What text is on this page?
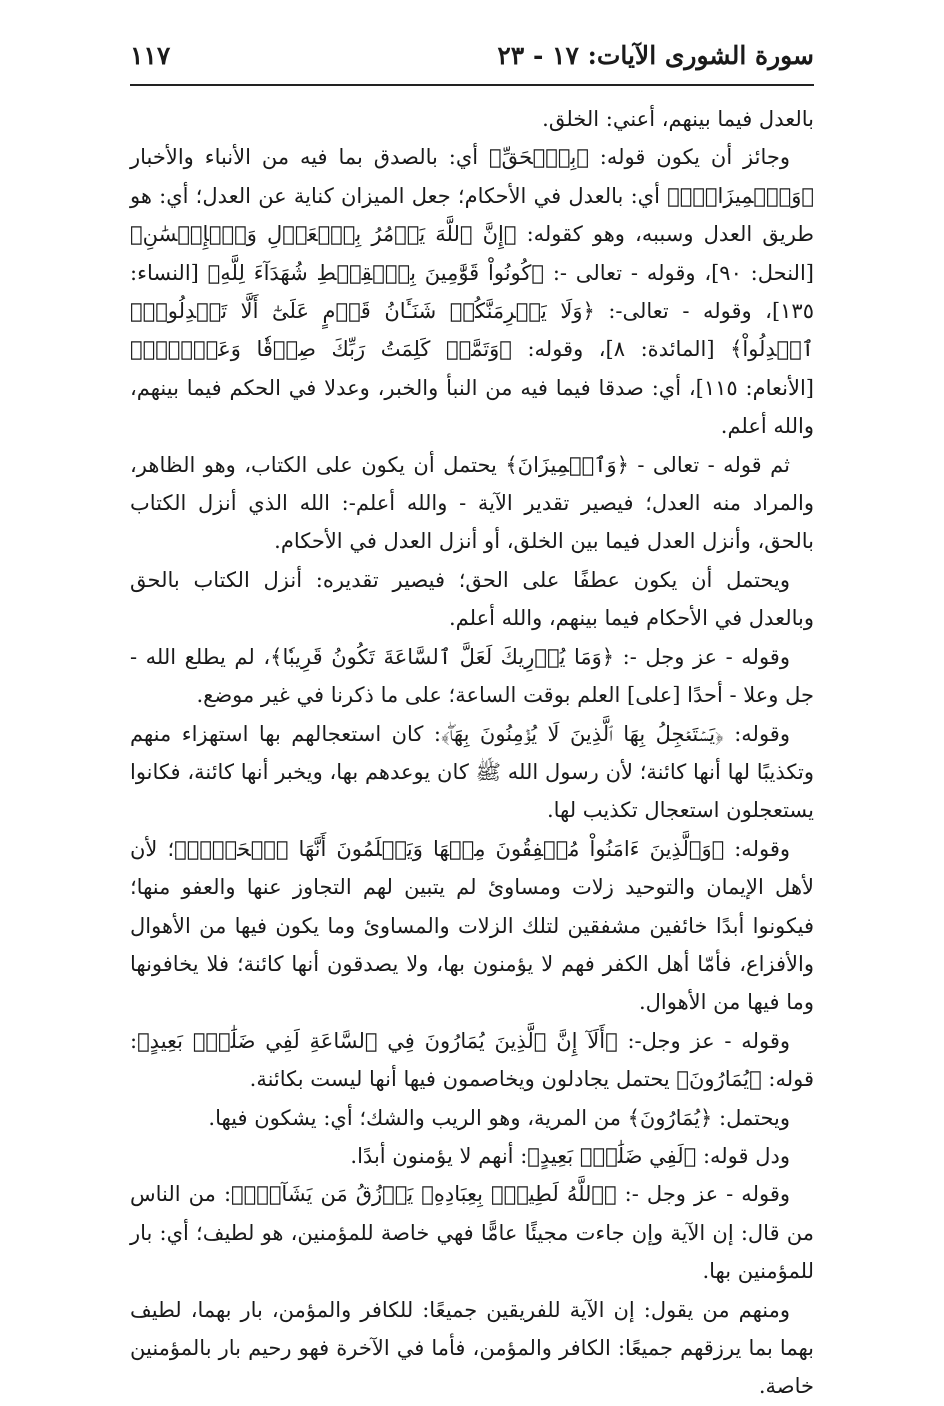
سورة الشورى الآيات: ١٧ - ٢٣
١١٧

بالعدل فيما بينهم، أعني: الخلق.

وجائز أن يكون قوله: ﴿بِٱلۡحَقِّ﴾ أي: بالصدق بما فيه من الأنباء والأخبار ﴿وَٱلۡمِيزَانَۗ﴾ أي: بالعدل في الأحكام؛ جعل الميزان كناية عن العدل؛ أي: هو طريق العدل وسببه، وهو كقوله: ﴿إِنَّ ٱللَّهَ يَأۡمُرُ بِٱلۡعَدۡلِ وَٱلۡإِحۡسَٰنِ﴾ [النحل: ٩٠]، وقوله - تعالى -: ﴿كُونُواْ قَوَّٰمِينَ بِٱلۡقِسۡطِ شُهَدَآءَ لِلَّهِ﴾ [النساء: ١٣٥]، وقوله - تعالى-: ﴿وَلَا يَجۡرِمَنَّكُمۡ شَنَـَٔانُ قَوۡمٍ عَلَىٰٓ أَلَّا تَعۡدِلُواْۚ ٱعۡدِلُواْ﴾ [المائدة: ٨]، وقوله: ﴿وَتَمَّتۡ كَلِمَتُ رَبِّكَ صِدۡقٗا وَعَدۡلٗاۚ﴾ [الأنعام: ١١٥]، أي: صدقا فيما فيه من النبأ والخبر، وعدلا في الحكم فيما بينهم، والله أعلم.

ثم قوله - تعالى - ﴿وَٱلۡمِيزَانَ﴾ يحتمل أن يكون على الكتاب، وهو الظاهر، والمراد منه العدل؛ فيصير تقدير الآية - والله أعلم-: الله الذي أنزل الكتاب بالحق، وأنزل العدل فيما بين الخلق، أو أنزل العدل في الأحكام.

ويحتمل أن يكون عطفًا على الحق؛ فيصير تقديره: أنزل الكتاب بالحق وبالعدل في الأحكام فيما بينهم، والله أعلم.

وقوله - عز وجل -: ﴿وَمَا يُدۡرِيكَ لَعَلَّ ٱلسَّاعَةَ تَكُونُ قَرِيبٗا﴾، لم يطلع الله - جل وعلا - أحدًا [على] العلم بوقت الساعة؛ على ما ذكرنا في غير موضع.

وقوله: ﴿يَسۡتَعۡجِلُ بِهَا ٱلَّذِينَ لَا يُؤۡمِنُونَ بِهَاۖ﴾: كان استعجالهم بها استهزاء منهم وتكذيبًا لها أنها كائنة؛ لأن رسول الله ﷺ كان يوعدهم بها، ويخبر أنها كائنة، فكانوا يستعجلون استعجال تكذيب لها.

وقوله: ﴿وَٱلَّذِينَ ءَامَنُواْ مُشۡفِقُونَ مِنۡهَا وَيَعۡلَمُونَ أَنَّهَا ٱلۡحَقُّۗ﴾؛ لأن لأهل الإيمان والتوحيد زلات ومساوئ لم يتبين لهم التجاوز عنها والعفو منها؛ فيكونوا أبدًا خائفين مشفقين لتلك الزلات والمساوئ وما يكون فيها من الأهوال والأفزاع، فأمّا أهل الكفر فهم لا يؤمنون بها، ولا يصدقون أنها كائنة؛ فلا يخافونها وما فيها من الأهوال.

وقوله - عز وجل-: ﴿أَلَآ إِنَّ ٱلَّذِينَ يُمَارُونَ فِي ٱلسَّاعَةِ لَفِي ضَلَٰلِۭ بَعِيدٍ﴾: قوله: ﴿يُمَارُونَ﴾ يحتمل يجادلون ويخاصمون فيها أنها ليست بكائنة.

ويحتمل: ﴿يُمَارُونَ﴾ من المرية، وهو الريب والشك؛ أي: يشكون فيها.

ودل قوله: ﴿لَفِي ضَلَٰلِۭ بَعِيدٍ﴾: أنهم لا يؤمنون أبدًا.

وقوله - عز وجل -: ﴿ٱللَّهُ لَطِيفُۢ بِعِبَادِهِۦ يَرۡزُقُ مَن يَشَآءُۖ﴾: من الناس من قال: إن الآية وإن جاءت مجيئًا عامًّا فهي خاصة للمؤمنين، هو لطيف؛ أي: بار للمؤمنين بها.

ومنهم من يقول: إن الآية للفريقين جميعًا: للكافر والمؤمن، بار بهما، لطيف بهما بما يرزقهم جميعًا: الكافر والمؤمن، فأما في الآخرة فهو رحيم بار بالمؤمنين خاصة.
